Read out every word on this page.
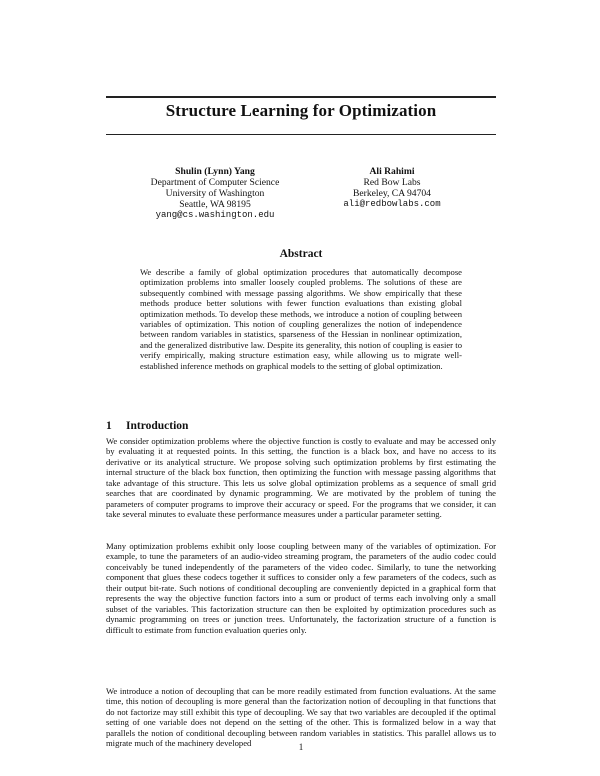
Structure Learning for Optimization
Shulin (Lynn) Yang
Department of Computer Science
University of Washington
Seattle, WA 98195
yang@cs.washington.edu
Ali Rahimi
Red Bow Labs
Berkeley, CA 94704
ali@redbowlabs.com
Abstract
We describe a family of global optimization procedures that automatically decompose optimization problems into smaller loosely coupled problems. The solutions of these are subsequently combined with message passing algorithms. We show empirically that these methods produce better solutions with fewer function evaluations than existing global optimization methods. To develop these methods, we introduce a notion of coupling between variables of optimization. This notion of coupling generalizes the notion of independence between random variables in statistics, sparseness of the Hessian in nonlinear optimization, and the generalized distributive law. Despite its generality, this notion of coupling is easier to verify empirically, making structure estimation easy, while allowing us to migrate well-established inference methods on graphical models to the setting of global optimization.
1 Introduction
We consider optimization problems where the objective function is costly to evaluate and may be accessed only by evaluating it at requested points. In this setting, the function is a black box, and have no access to its derivative or its analytical structure. We propose solving such optimization problems by first estimating the internal structure of the black box function, then optimizing the function with message passing algorithms that take advantage of this structure. This lets us solve global optimization problems as a sequence of small grid searches that are coordinated by dynamic programming. We are motivated by the problem of tuning the parameters of computer programs to improve their accuracy or speed. For the programs that we consider, it can take several minutes to evaluate these performance measures under a particular parameter setting.
Many optimization problems exhibit only loose coupling between many of the variables of optimization. For example, to tune the parameters of an audio-video streaming program, the parameters of the audio codec could conceivably be tuned independently of the parameters of the video codec. Similarly, to tune the networking component that glues these codecs together it suffices to consider only a few parameters of the codecs, such as their output bit-rate. Such notions of conditional decoupling are conveniently depicted in a graphical form that represents the way the objective function factors into a sum or product of terms each involving only a small subset of the variables. This factorization structure can then be exploited by optimization procedures such as dynamic programming on trees or junction trees. Unfortunately, the factorization structure of a function is difficult to estimate from function evaluation queries only.
We introduce a notion of decoupling that can be more readily estimated from function evaluations. At the same time, this notion of decoupling is more general than the factorization notion of decoupling in that functions that do not factorize may still exhibit this type of decoupling. We say that two variables are decoupled if the optimal setting of one variable does not depend on the setting of the other. This is formalized below in a way that parallels the notion of conditional decoupling between random variables in statistics. This parallel allows us to migrate much of the machinery developed	1
